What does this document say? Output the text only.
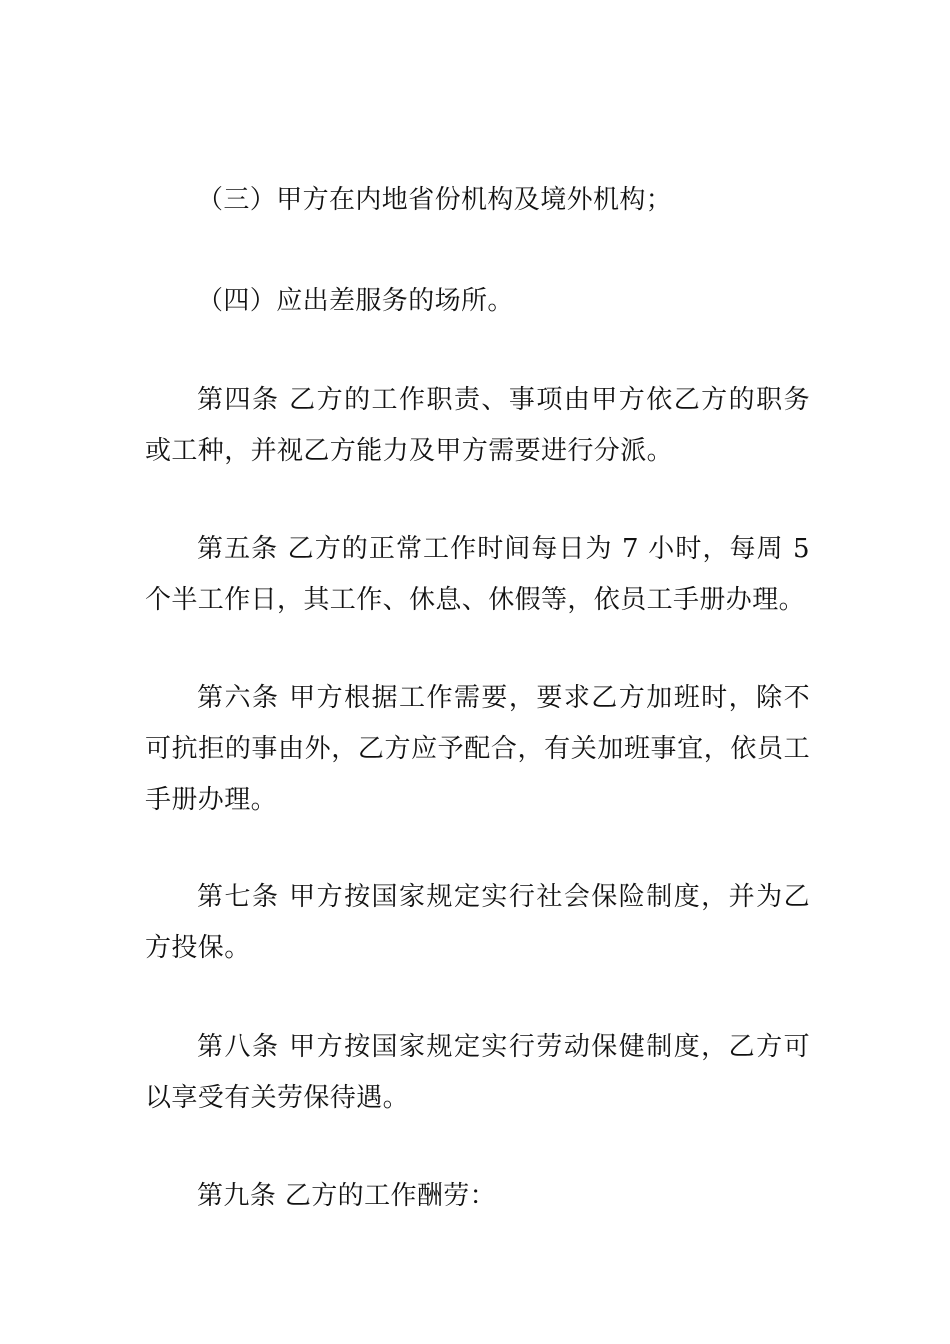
（三）甲方在内地省份机构及境外机构；

（四）应出差服务的场所。

第四条 乙方的工作职责、事项由甲方依乙方的职务或工种，并视乙方能力及甲方需要进行分派。

第五条 乙方的正常工作时间每日为 7 小时，每周 5 个半工作日，其工作、休息、休假等，依员工手册办理。

第六条 甲方根据工作需要，要求乙方加班时，除不可抗拒的事由外，乙方应予配合，有关加班事宜，依员工手册办理。

第七条 甲方按国家规定实行社会保险制度，并为乙方投保。

第八条 甲方按国家规定实行劳动保健制度，乙方可以享受有关劳保待遇。

第九条 乙方的工作酬劳：
